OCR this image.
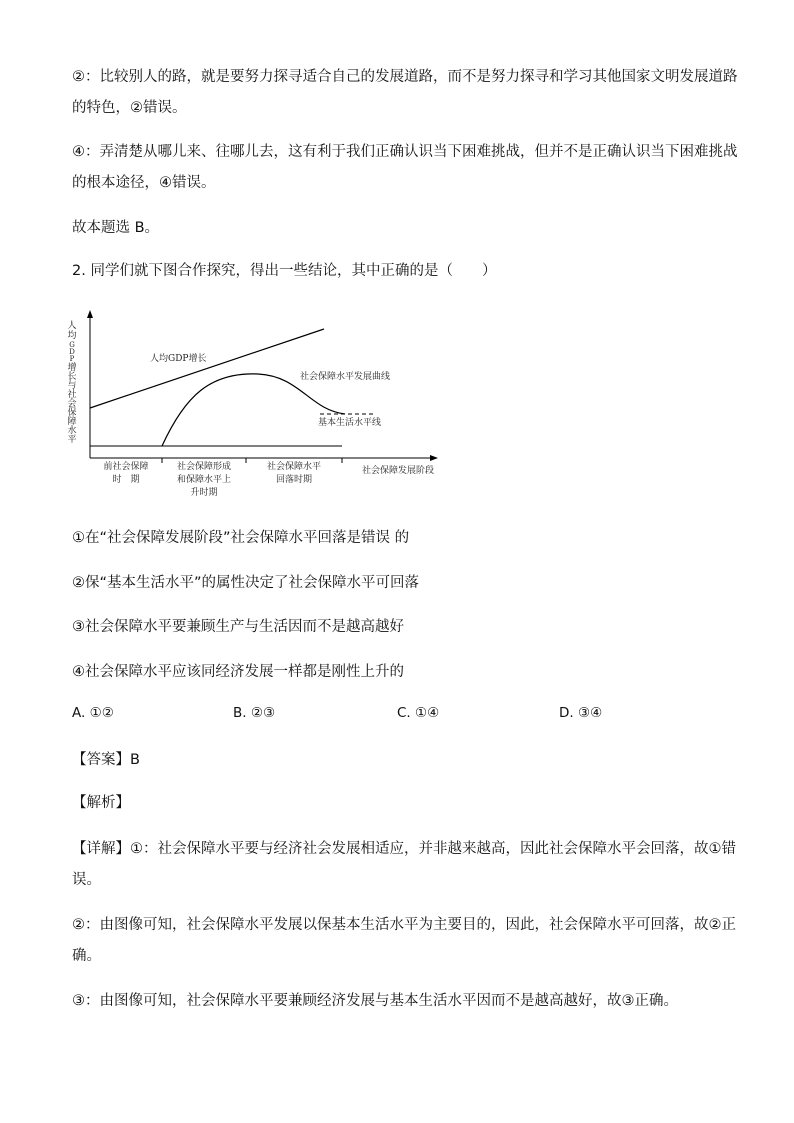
②：比较别人的路，就是要努力探寻适合自己的发展道路，而不是努力探寻和学习其他国家文明发展道路
的特色，②错误。
④：弄清楚从哪儿来、往哪儿去，这有利于我们正确认识当下困难挑战，但并不是正确认识当下困难挑战
的根本途径，④错误。
故本题选 B。
2. 同学们就下图合作探究，得出一些结论，其中正确的是（　　）
人
均
G
D
P
增
长
与
社
会
保
障
水
平
人均GDP增长
社会保障水平发展曲线
基本生活水平线
社会保障发展阶段
前社会保障
时　期
社会保障形成
和保障水平上
升时期
社会保障水平
回落时期
①在“社会保障发展阶段”社会保障水平回落是错误 的
②保“基本生活水平”的属性决定了社会保障水平可回落
③社会保障水平要兼顾生产与生活因而不是越高越好
④社会保障水平应该同经济发展一样都是刚性上升的
A. ①②	B. ②③	C. ①④	D. ③④
【答案】B
【解析】
【详解】①：社会保障水平要与经济社会发展相适应，并非越来越高，因此社会保障水平会回落，故①错
误。
②：由图像可知，社会保障水平发展以保基本生活水平为主要目的，因此，社会保障水平可回落，故②正
确。
③：由图像可知，社会保障水平要兼顾经济发展与基本生活水平因而不是越高越好，故③正确。
